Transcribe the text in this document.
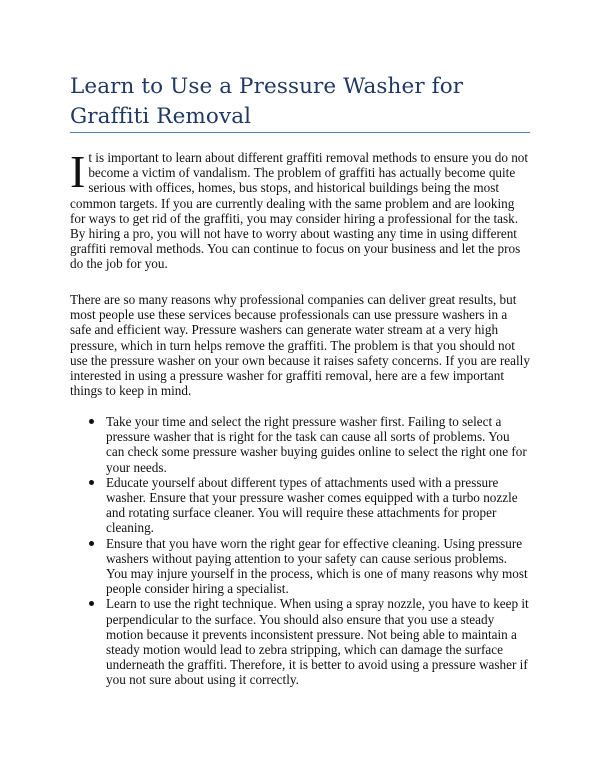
Learn to Use a Pressure Washer for Graffiti Removal

It is important to learn about different graffiti removal methods to ensure you do not become a victim of vandalism. The problem of graffiti has actually become quite serious with offices, homes, bus stops, and historical buildings being the most common targets. If you are currently dealing with the same problem and are looking for ways to get rid of the graffiti, you may consider hiring a professional for the task. By hiring a pro, you will not have to worry about wasting any time in using different graffiti removal methods. You can continue to focus on your business and let the pros do the job for you.

There are so many reasons why professional companies can deliver great results, but most people use these services because professionals can use pressure washers in a safe and efficient way. Pressure washers can generate water stream at a very high pressure, which in turn helps remove the graffiti. The problem is that you should not use the pressure washer on your own because it raises safety concerns. If you are really interested in using a pressure washer for graffiti removal, here are a few important things to keep in mind.

Take your time and select the right pressure washer first. Failing to select a pressure washer that is right for the task can cause all sorts of problems. You can check some pressure washer buying guides online to select the right one for your needs.
Educate yourself about different types of attachments used with a pressure washer. Ensure that your pressure washer comes equipped with a turbo nozzle and rotating surface cleaner. You will require these attachments for proper cleaning.
Ensure that you have worn the right gear for effective cleaning. Using pressure washers without paying attention to your safety can cause serious problems. You may injure yourself in the process, which is one of many reasons why most people consider hiring a specialist.
Learn to use the right technique. When using a spray nozzle, you have to keep it perpendicular to the surface. You should also ensure that you use a steady motion because it prevents inconsistent pressure. Not being able to maintain a steady motion would lead to zebra stripping, which can damage the surface underneath the graffiti. Therefore, it is better to avoid using a pressure washer if you not sure about using it correctly.
